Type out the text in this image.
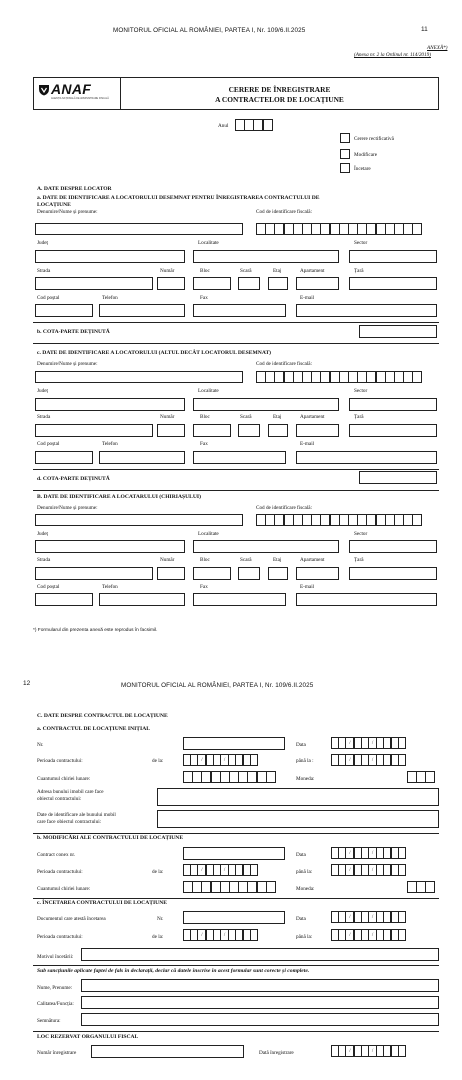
MONITORUL OFICIAL AL ROMÂNIEI, PARTEA I, Nr. 109/6.II.2025	11
ANEXĂ*)
(Anexa nr. 2 la Ordinul nr. 114/2019)
ANAF
AGENȚIA NAȚIONALĂ DE ADMINISTRARE FISCALĂ
CERERE DE ÎNREGISTRARE
A CONTRACTELOR DE LOCAȚIUNE
Anul
Cerere rectificativă
Modificare
Încetare
A. DATE DESPRE LOCATOR
a. DATE DE IDENTIFICARE A LOCATORULUI DESEMNAT PENTRU ÎNREGISTRAREA CONTRACTULUI DE
LOCAȚIUNE
Denumire/Nume și prenume:	Cod de identificare fiscală:
Județ	Localitate	Sector
Strada	Număr	Bloc	Scară	Etaj	Apartament	Țară
Cod poștal	Telefon	Fax	E-mail
b. COTA-PARTE DEȚINUTĂ
c. DATE DE IDENTIFICARE A LOCATORULUI (ALTUL DECÂT LOCATORUL DESEMNAT)
Denumire/Nume și prenume:	Cod de identificare fiscală:
Județ	Localitate	Sector
Strada	Număr	Bloc	Scară	Etaj	Apartament	Țară
Cod poștal	Telefon	Fax	E-mail
d. COTA-PARTE DEȚINUTĂ
B. DATE DE IDENTIFICARE A LOCATARULUI (CHIRIAȘULUI)
Denumire/Nume și prenume:	Cod de identificare fiscală:
Județ	Localitate	Sector
Strada	Număr	Bloc	Scară	Etaj	Apartament	Țară
Cod poștal	Telefon	Fax	E-mail
*) Formularul din prezenta anexă este reprodus în facsimil.
12	MONITORUL OFICIAL AL ROMÂNIEI, PARTEA I, Nr. 109/6.II.2025
C. DATE DESPRE CONTRACTUL DE LOCAȚIUNE
a. CONTRACTUL DE LOCAȚIUNE INIȚIAL
Nr.	Data	/	/
Perioada contractului:	de la:	/	/	până la :	/	/
Cuantumul chiriei lunare:	Moneda:
Adresa bunului imobil care face
obiectul contractului:
Date de identificare ale bunului mobil
care face obiectul contractului:
b. MODIFICĂRI ALE CONTRACTULUI DE LOCAȚIUNE
Contract conex nr.	Data	/	/
Perioada contractului:	de la:	/	/	până la:	/	/
Cuantumul chiriei lunare:	Moneda:
c. ÎNCETAREA CONTRACTULUI DE LOCAȚIUNE
Documentul care atestă încetarea	Nr.	Data	/	/
Perioada contractului:	de la:	/	/	până la:	/	/
Motivul încetării:
Sub sancțiunile aplicate faptei de fals în declarații, declar că datele înscrise în acest formular sunt corecte și complete.
Nume, Prenume:
Calitatea/Funcția:
Semnătura:
LOC REZERVAT ORGANULUI FISCAL
Număr înregistrare	Dată înregistrare	/	/
